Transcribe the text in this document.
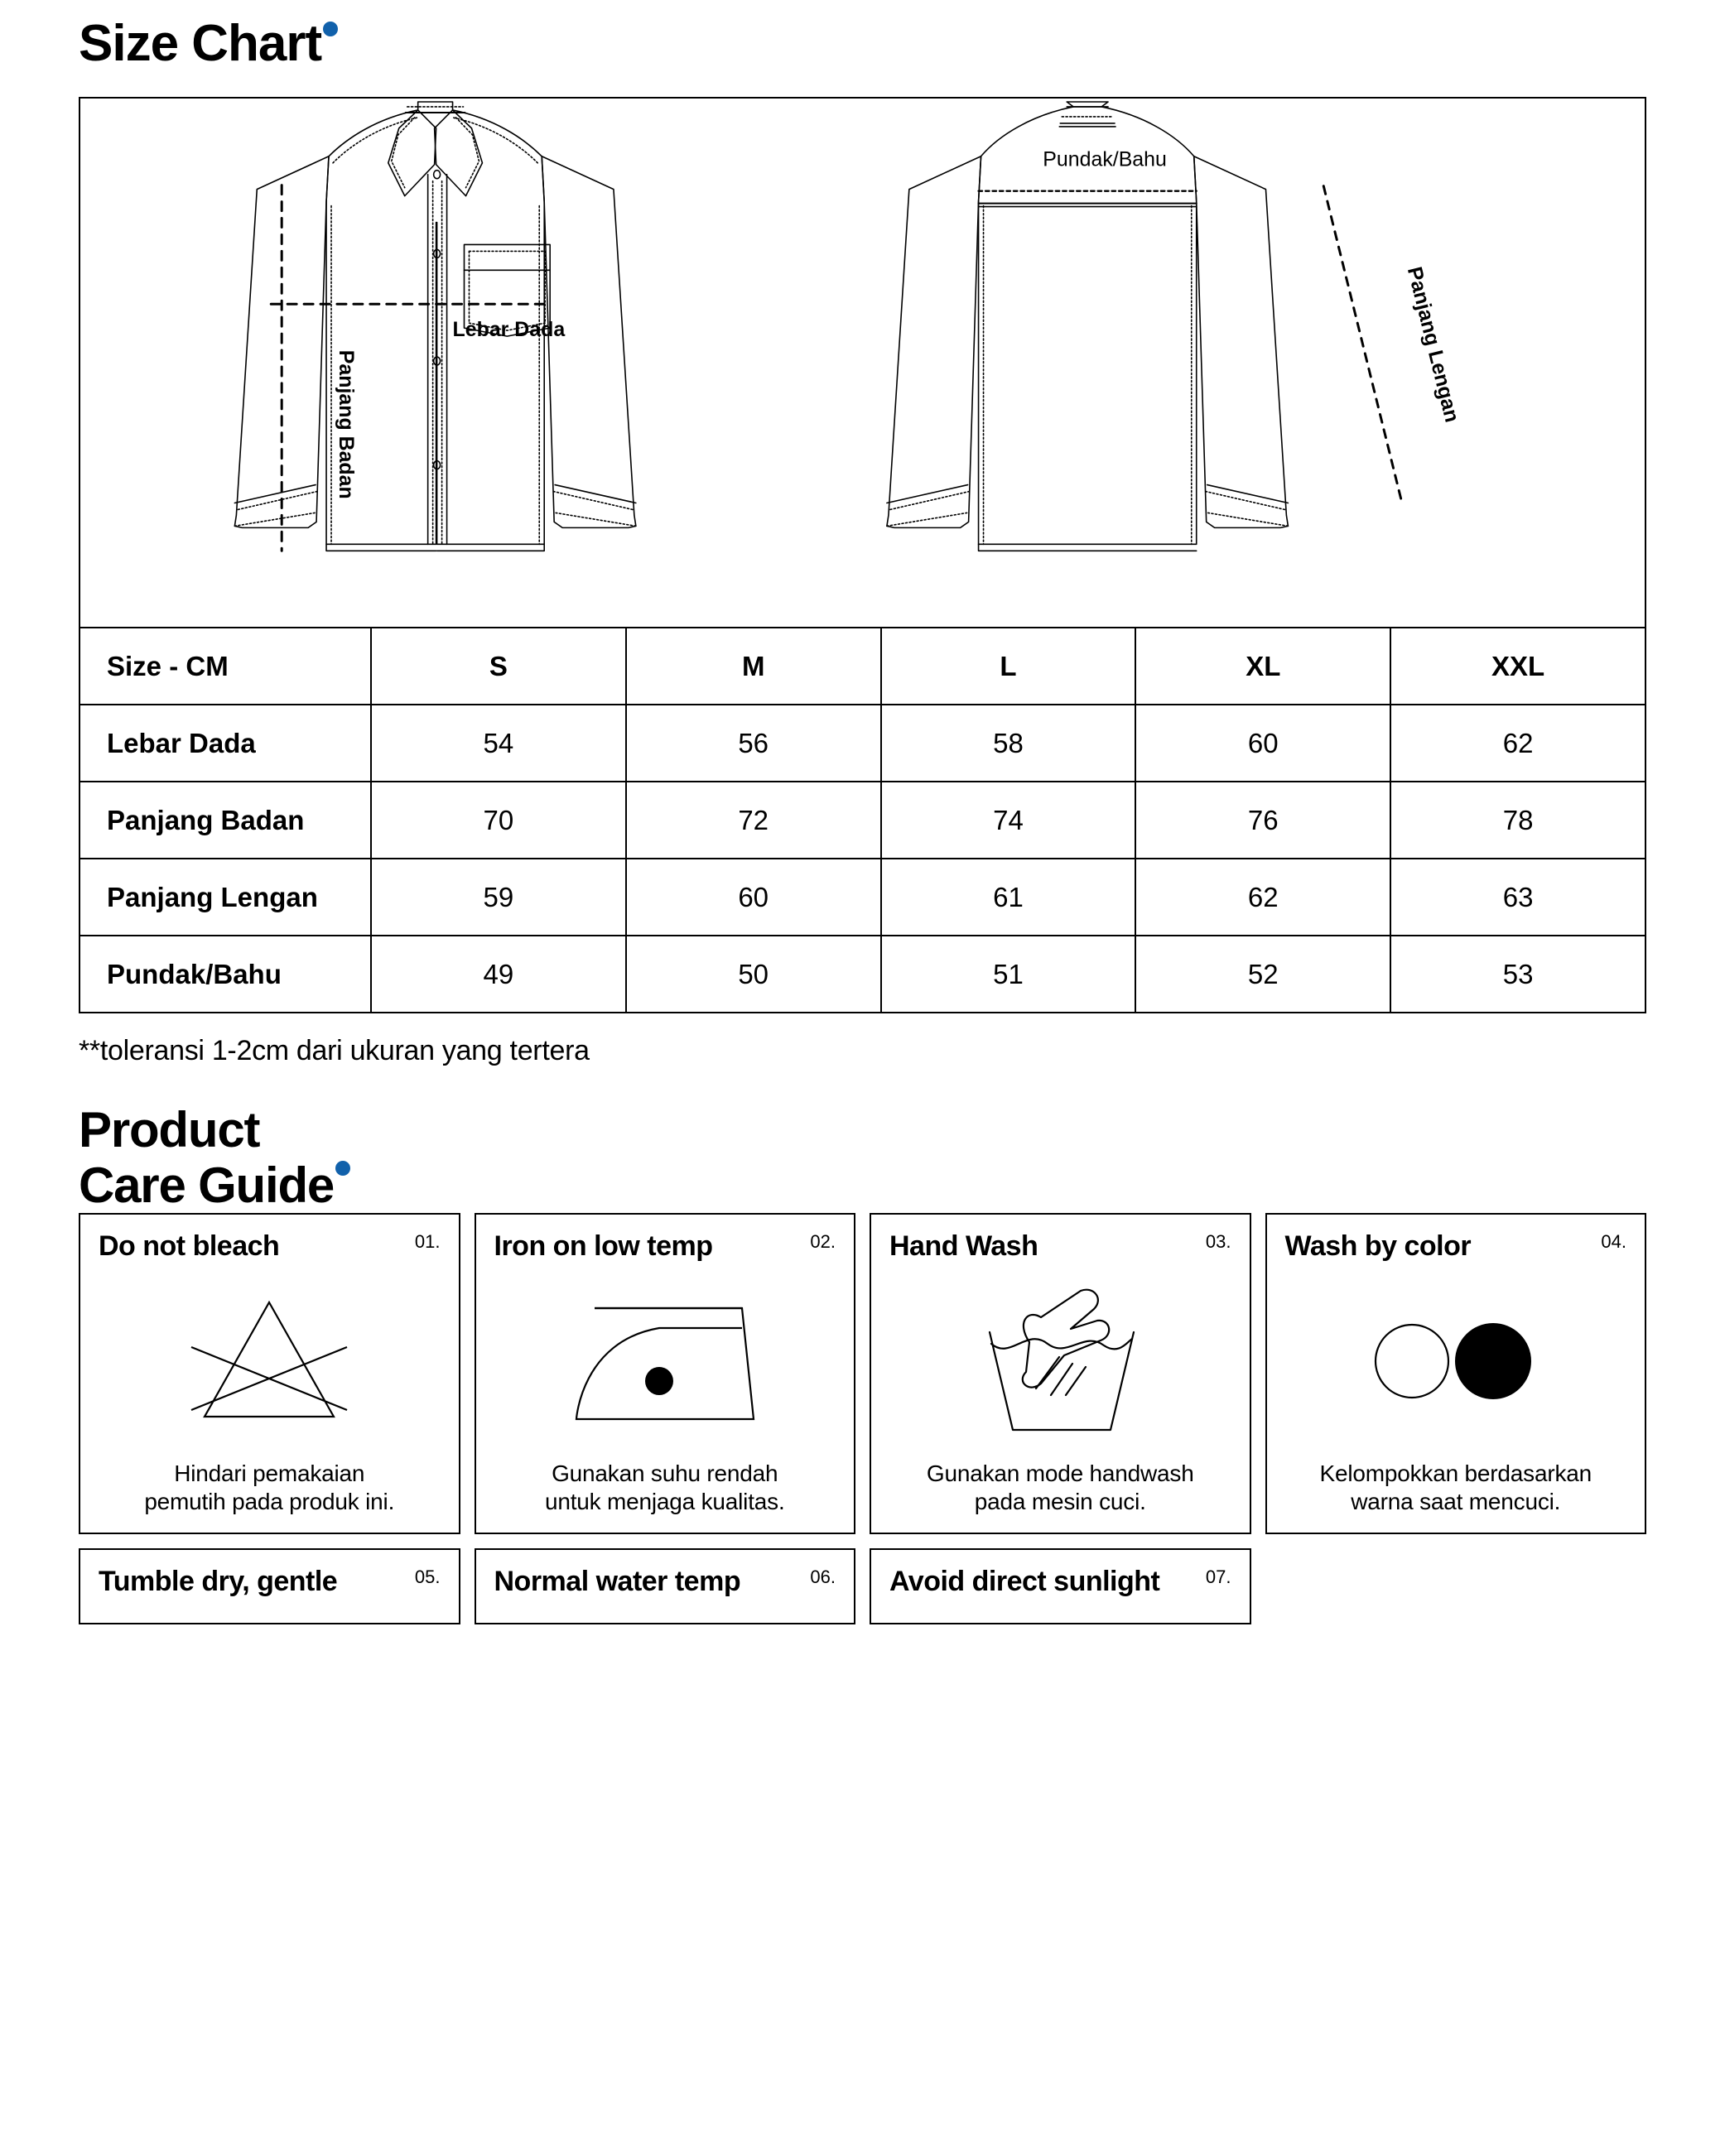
Size Chart
Panjang Badan
Lebar Dada
Pundak/Bahu
Panjang Lengan
Size - CM	S	M	L	XL	XXL
Lebar Dada	54	56	58	60	62
Panjang Badan	70	72	74	76	78
Panjang Lengan	59	60	61	62	63
Pundak/Bahu	49	50	51	52	53
**toleransi 1-2cm dari ukuran yang tertera
Product
Care Guide
Do not bleach	01.
Hindari pemakaian
pemutih pada produk ini.
Iron on low temp	02.
Gunakan suhu rendah
untuk menjaga kualitas.
Hand Wash	03.
Gunakan mode handwash
pada mesin cuci.
Wash by color	04.
Kelompokkan berdasarkan
warna saat mencuci.
Tumble dry, gentle	05. Normal water temp	06. Avoid direct sunlight	07.
